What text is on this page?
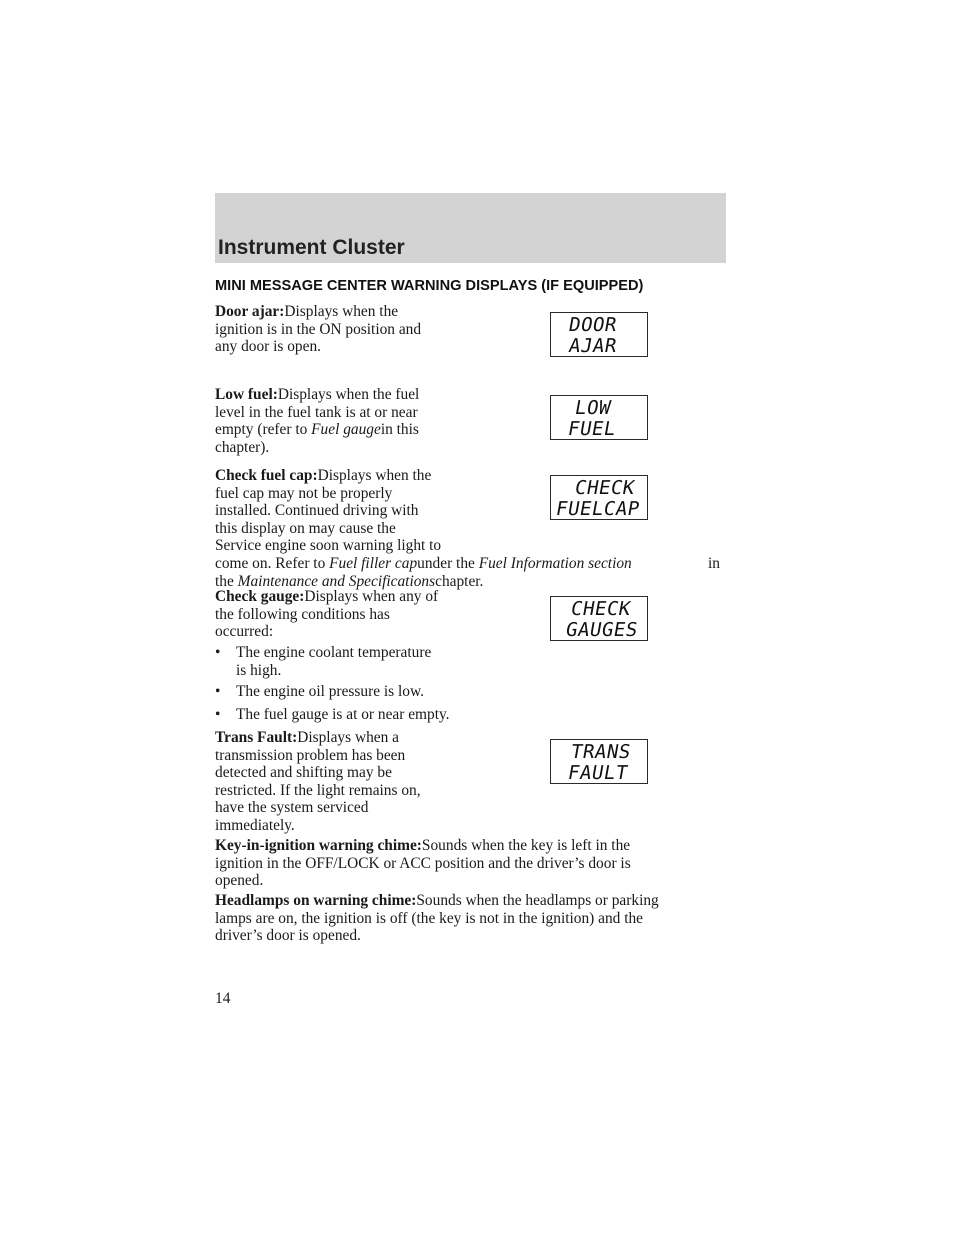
Instrument Cluster
MINI MESSAGE CENTER WARNING DISPLAYS (IF EQUIPPED)
Door ajar:Displays when the
ignition is in the ON position and
any door is open.
DOOR
AJAR
Low fuel:Displays when the fuel
level in the fuel tank is at or near
empty (refer to Fuel gaugein this
chapter).
LOW
FUEL
Check fuel cap:Displays when the
fuel cap may not be properly
installed. Continued driving with
this display on may cause the
Service engine soon warning light to
come on. Refer to Fuel filler capunder the Fuel Information section	in

the Maintenance and Specificationschapter.
CHECK
FUELCAP
Check gauge:Displays when any of
the following conditions has
occurred:
CHECK
GAUGES
•	The engine coolant temperature
is high.
•	The engine oil pressure is low.
•	The fuel gauge is at or near empty.
Trans Fault:Displays when a
transmission problem has been
detected and shifting may be
restricted. If the light remains on,
have the system serviced
immediately.
TRANS
FAULT
Key-in-ignition warning chime:Sounds when the key is left in the
ignition in the OFF/LOCK or ACC position and the driver’s door is
opened.
Headlamps on warning chime:Sounds when the headlamps or parking
lamps are on, the ignition is off (the key is not in the ignition) and the
driver’s door is opened.
14
